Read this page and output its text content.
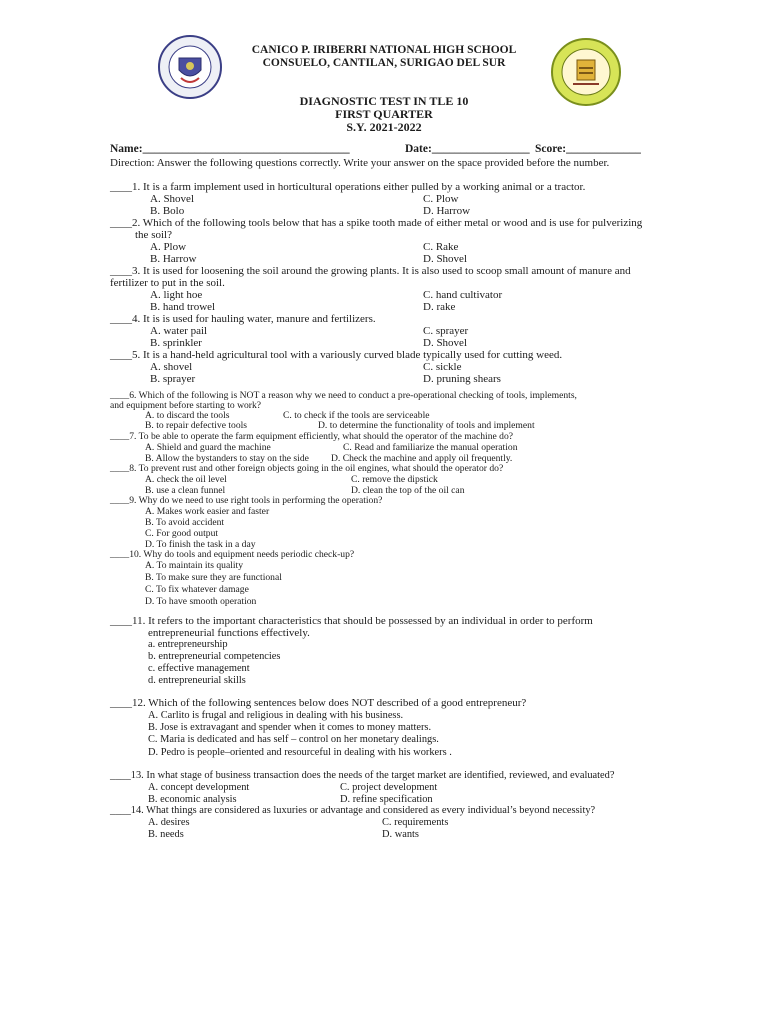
CANICO P. IRIBERRI NATIONAL HIGH SCHOOL
CONSUELO, CANTILAN, SURIGAO DEL SUR
DIAGNOSTIC TEST IN TLE 10
FIRST QUARTER
S.Y. 2021-2022
Name:____________________________________	Date:_________________ Score:_____________
Direction: Answer the following questions correctly. Write your answer on the space provided before the number.
____1. It is a farm implement used in horticultural operations either pulled by a working animal or a tractor.
A. Shovel	C. Plow
B. Bolo	D. Harrow
____2. Which of the following tools below that has a spike tooth made of either metal or wood and is use for pulverizing
the soil?
A. Plow	C. Rake
B. Harrow	D. Shovel
____3. It is used for loosening the soil around the growing plants. It is also used to scoop small amount of manure and
fertilizer to put in the soil.
A. light hoe	C. hand cultivator
B. hand trowel	D. rake
____4. It is is used for hauling water, manure and fertilizers.
A. water pail	C. sprayer
B. sprinkler	D. Shovel
____5. It is a hand-held agricultural tool with a variously curved blade typically used for cutting weed.
A. shovel	C. sickle
B. sprayer	D. pruning shears
____6. Which of the following is NOT a reason why we need to conduct a pre-operational checking of tools, implements,
and equipment before starting to work?
A. to discard the tools	C. to check if the tools are serviceable
B. to repair defective tools	D. to determine the functionality of tools and implement
____7. To be able to operate the farm equipment efficiently, what should the operator of the machine do?
A. Shield and guard the machine	C. Read and familiarize the manual operation
B. Allow the bystanders to stay on the side D. Check the machine and apply oil frequently.
____8. To prevent rust and other foreign objects going in the oil engines, what should the operator do?
A. check the oil level	C. remove the dipstick
B. use a clean funnel	D. clean the top of the oil can
____9. Why do we need to use right tools in performing the operation?
A. Makes work easier and faster
B. To avoid accident
C. For good output
D. To finish the task in a day
____10. Why do tools and equipment needs periodic check-up?
A. To maintain its quality
B. To make sure they are functional
C. To fix whatever damage
D. To have smooth operation
____11. It refers to the important characteristics that should be possessed by an individual in order to perform
entrepreneurial functions effectively.
a. entrepreneurship
b. entrepreneurial competencies
c. effective management
d. entrepreneurial skills
____12. Which of the following sentences below does NOT described of a good entrepreneur?
A. Carlito is frugal and religious in dealing with his business.
B. Jose is extravagant and spender when it comes to money matters.
C. Maria is dedicated and has self – control on her monetary dealings.
D. Pedro is people–oriented and resourceful in dealing with his workers .
____13. In what stage of business transaction does the needs of the target market are identified, reviewed, and evaluated?
A. concept development	C. project development
B. economic analysis	D. refine specification
____14. What things are considered as luxuries or advantage and considered as every individual’s beyond necessity?
A. desires	C. requirements
B. needs	D. wants
